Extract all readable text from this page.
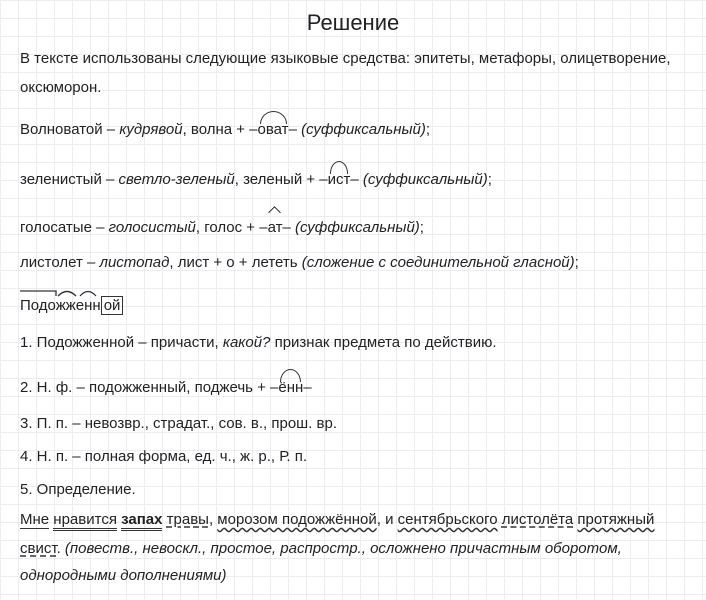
Решение
В тексте использованы следующие языковые средства: эпитеты, метафоры, олицетворение,
оксюморон.
Волноватой – кудрявой, волна + –оват– (суффиксальный);
зеленистый – светло-зеленый, зеленый + –ист– (суффиксальный);
голосатые – голосистый, голос + –ат– (суффиксальный);
листолет – листопад, лист + о + лететь (сложение с соединительной гласной);
Подожженн ой
1. Подожженной – причасти, какой? признак предмета по действию.
2. Н. ф. – подожженный, поджечь + –ённ–
3. П. п. – невозвр., страдат., сов. в., прош. вр.
4. Н. п. – полная форма, ед. ч., ж. р., Р. п.
5. Определение.
Мне нравится запах травы, морозом подожжённой, и сентябрьского листолёта протяжный
свист. (повеств., невоскл., простое, распростр., осложнено причастным оборотом,
однородными дополнениями)
